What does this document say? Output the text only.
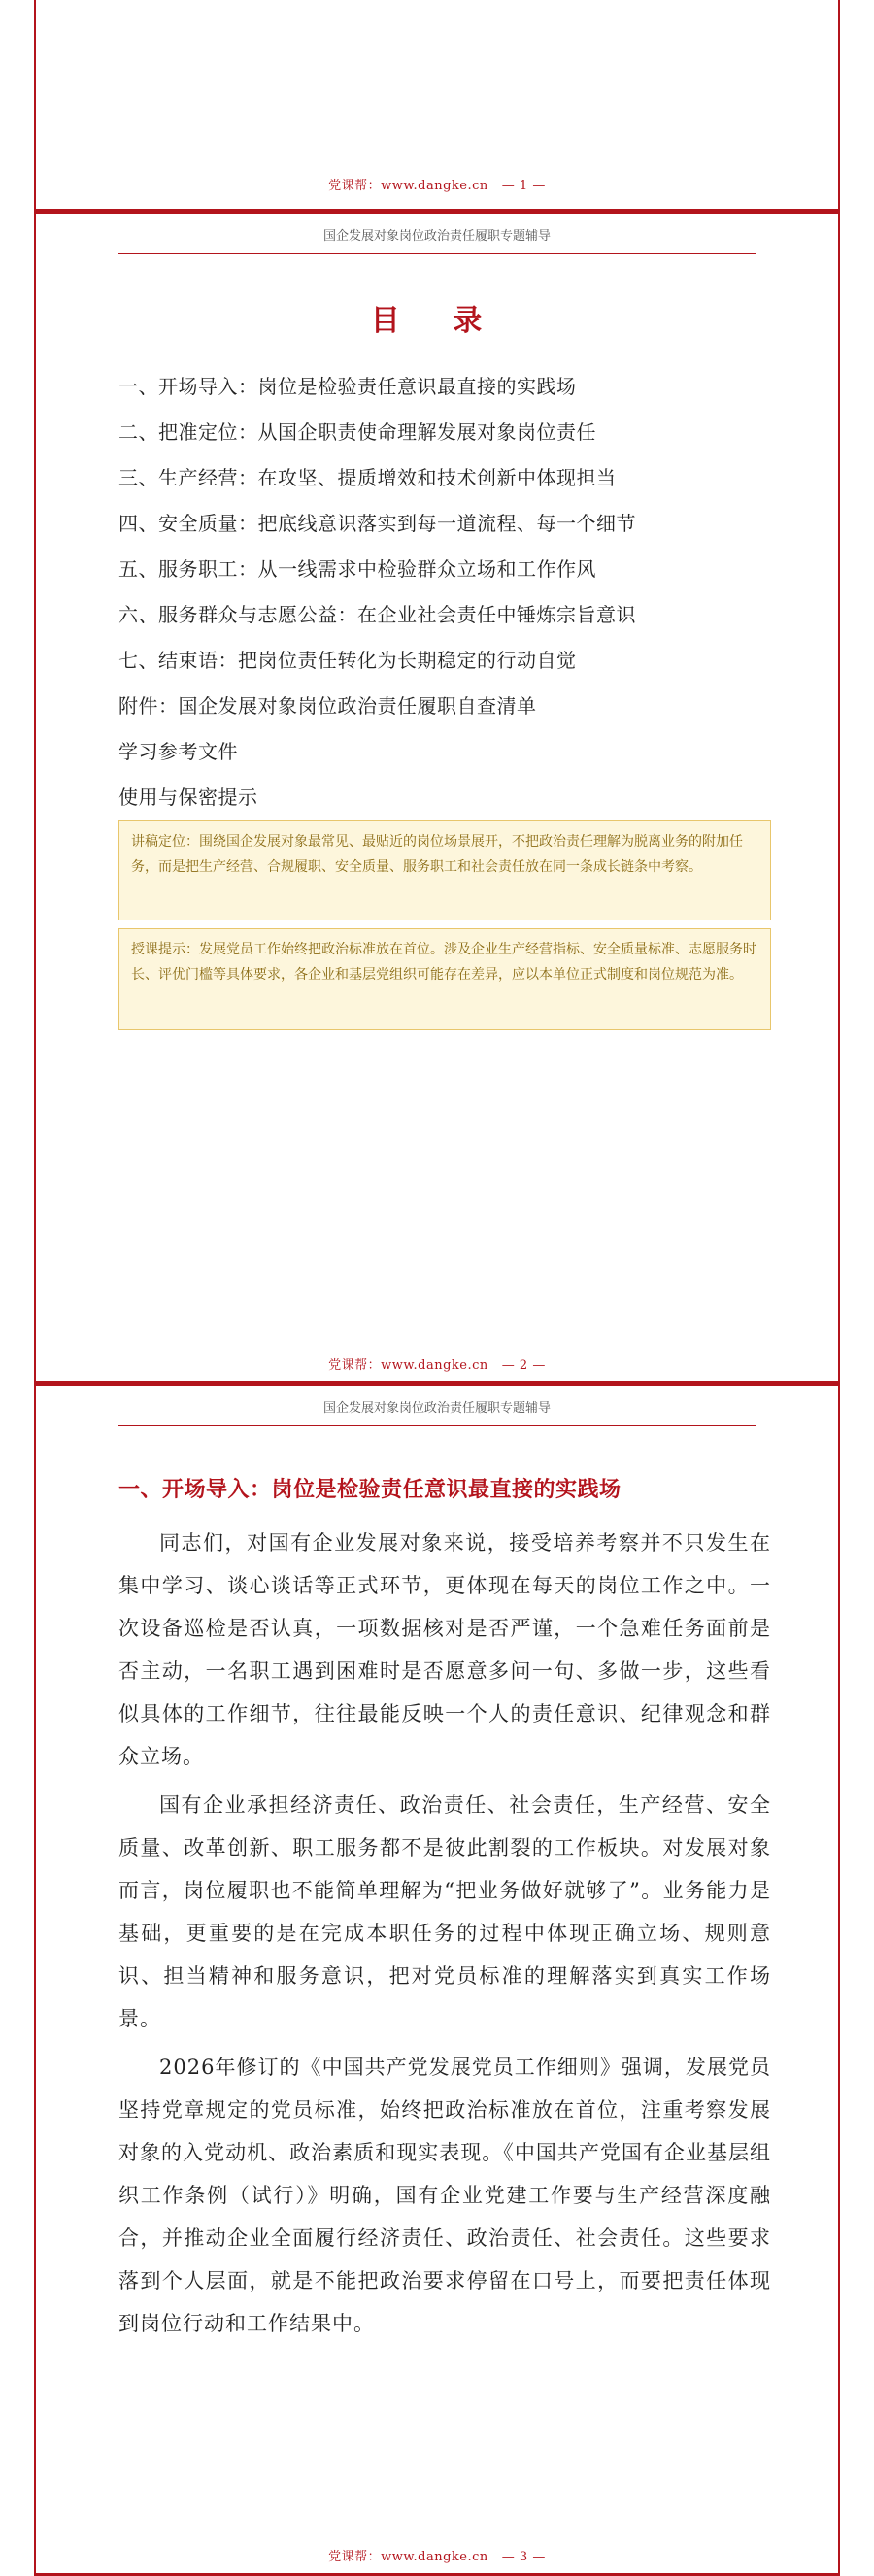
党课帮：www.dangke.cn — 1 —
国企发展对象岗位政治责任履职专题辅导
目 录
一、开场导入：岗位是检验责任意识最直接的实践场
二、把准定位：从国企职责使命理解发展对象岗位责任
三、生产经营：在攻坚、提质增效和技术创新中体现担当
四、安全质量：把底线意识落实到每一道流程、每一个细节
五、服务职工：从一线需求中检验群众立场和工作作风
六、服务群众与志愿公益：在企业社会责任中锤炼宗旨意识
七、结束语：把岗位责任转化为长期稳定的行动自觉
附件：国企发展对象岗位政治责任履职自查清单
学习参考文件
使用与保密提示
讲稿定位：围绕国企发展对象最常见、最贴近的岗位场景展开，不把政治责任理解为脱离业务的附加任务，而是把生产经营、合规履职、安全质量、服务职工和社会责任放在同一条成长链条中考察。
授课提示：发展党员工作始终把政治标准放在首位。涉及企业生产经营指标、安全质量标准、志愿服务时长、评优门槛等具体要求，各企业和基层党组织可能存在差异，应以本单位正式制度和岗位规范为准。
党课帮：www.dangke.cn — 2 —
国企发展对象岗位政治责任履职专题辅导
一、开场导入：岗位是检验责任意识最直接的实践场

同志们，对国有企业发展对象来说，接受培养考察并不只发生在集中学习、谈心谈话等正式环节，更体现在每天的岗位工作之中。一次设备巡检是否认真，一项数据核对是否严谨，一个急难任务面前是否主动，一名职工遇到困难时是否愿意多问一句、多做一步，这些看似具体的工作细节，往往最能反映一个人的责任意识、纪律观念和群众立场。

国有企业承担经济责任、政治责任、社会责任，生产经营、安全质量、改革创新、职工服务都不是彼此割裂的工作板块。对发展对象而言，岗位履职也不能简单理解为“把业务做好就够了”。业务能力是基础，更重要的是在完成本职任务的过程中体现正确立场、规则意识、担当精神和服务意识，把对党员标准的理解落实到真实工作场景。

2026年修订的《中国共产党发展党员工作细则》强调，发展党员坚持党章规定的党员标准，始终把政治标准放在首位，注重考察发展对象的入党动机、政治素质和现实表现。《中国共产党国有企业基层组织工作条例（试行）》明确，国有企业党建工作要与生产经营深度融合，并推动企业全面履行经济责任、政治责任、社会责任。这些要求落到个人层面，就是不能把政治要求停留在口号上，而要把责任体现到岗位行动和工作结果中。

党课帮：www.dangke.cn — 3 —
